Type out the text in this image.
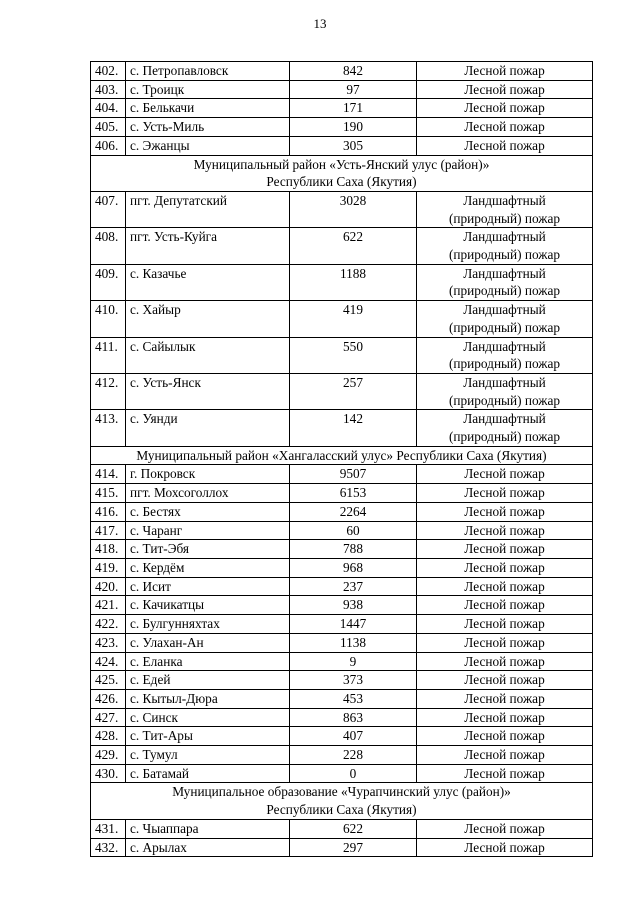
13
402.	с. Петропавловск	842	Лесной пожар
403.	с. Троицк	97	Лесной пожар
404.	с. Белькачи	171	Лесной пожар
405.	с. Усть-Миль	190	Лесной пожар
406.	с. Эжанцы	305	Лесной пожар
Муниципальный район «Усть-Янский улус (район)»
Республики Саха (Якутия)			
407.	пгт. Депутатский	3028	Ландшафтный
(природный) пожар
408.	пгт. Усть-Куйга	622	Ландшафтный
(природный) пожар
409.	с. Казачье	1188	Ландшафтный
(природный) пожар
410.	с. Хайыр	419	Ландшафтный
(природный) пожар
411.	с. Сайылык	550	Ландшафтный
(природный) пожар
412.	с. Усть-Янск	257	Ландшафтный
(природный) пожар
413.	с. Уянди	142	Ландшафтный
(природный) пожар
Муниципальный район «Хангаласский улус» Республики Саха (Якутия)			
414.	г. Покровск	9507	Лесной пожар
415.	пгт. Мохсоголлох	6153	Лесной пожар
416.	с. Бестях	2264	Лесной пожар
417.	с. Чаранг	60	Лесной пожар
418.	с. Тит-Эбя	788	Лесной пожар
419.	с. Кердём	968	Лесной пожар
420.	с. Исит	237	Лесной пожар
421.	с. Качикатцы	938	Лесной пожар
422.	с. Булгунняхтах	1447	Лесной пожар
423.	с. Улахан-Ан	1138	Лесной пожар
424.	с. Еланка	9	Лесной пожар
425.	с. Едей	373	Лесной пожар
426.	с. Кытыл-Дюра	453	Лесной пожар
427.	с. Синск	863	Лесной пожар
428.	с. Тит-Ары	407	Лесной пожар
429.	с. Тумул	228	Лесной пожар
430.	с. Батамай	0	Лесной пожар
Муниципальное образование «Чурапчинский улус (район)»
Республики Саха (Якутия)			
431.	с. Чыаппара	622	Лесной пожар
432.	с. Арылах	297	Лесной пожар
